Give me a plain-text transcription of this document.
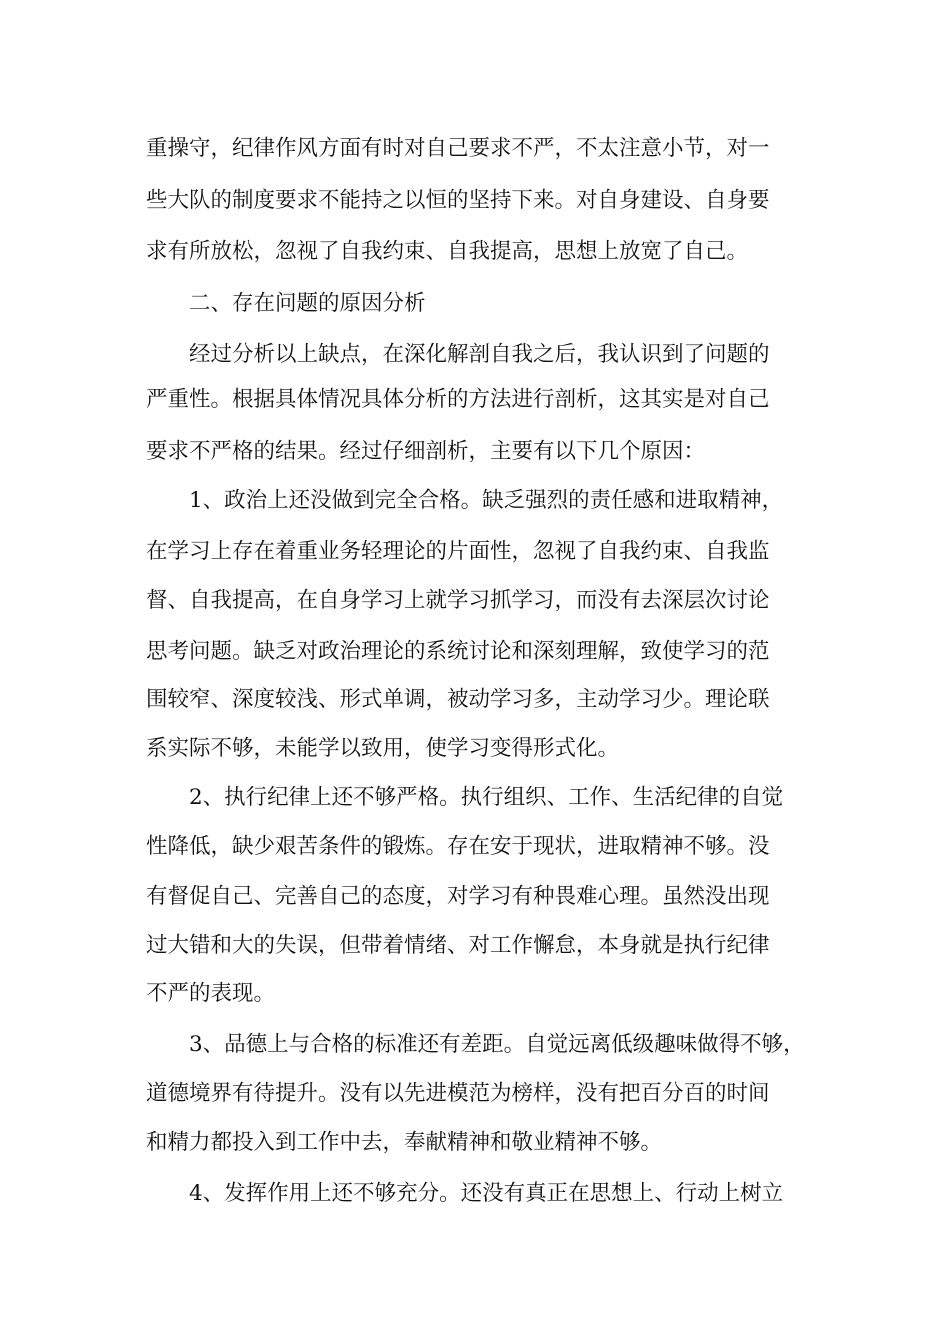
重操守，纪律作风方面有时对自己要求不严，不太注意小节，对一
些大队的制度要求不能持之以恒的坚持下来。对自身建设、自身要
求有所放松，忽视了自我约束、自我提高，思想上放宽了自己。
二、存在问题的原因分析
经过分析以上缺点，在深化解剖自我之后，我认识到了问题的
严重性。根据具体情况具体分析的方法进行剖析，这其实是对自己
要求不严格的结果。经过仔细剖析，主要有以下几个原因：
1、政治上还没做到完全合格。缺乏强烈的责任感和进取精神，
在学习上存在着重业务轻理论的片面性，忽视了自我约束、自我监
督、自我提高，在自身学习上就学习抓学习，而没有去深层次讨论
思考问题。缺乏对政治理论的系统讨论和深刻理解，致使学习的范
围较窄、深度较浅、形式单调，被动学习多，主动学习少。理论联
系实际不够，未能学以致用，使学习变得形式化。
2、执行纪律上还不够严格。执行组织、工作、生活纪律的自觉
性降低，缺少艰苦条件的锻炼。存在安于现状，进取精神不够。没
有督促自己、完善自己的态度，对学习有种畏难心理。虽然没出现
过大错和大的失误，但带着情绪、对工作懈怠，本身就是执行纪律
不严的表现。
3、品德上与合格的标准还有差距。自觉远离低级趣味做得不够，
道德境界有待提升。没有以先进模范为榜样，没有把百分百的时间
和精力都投入到工作中去，奉献精神和敬业精神不够。
4、发挥作用上还不够充分。还没有真正在思想上、行动上树立
